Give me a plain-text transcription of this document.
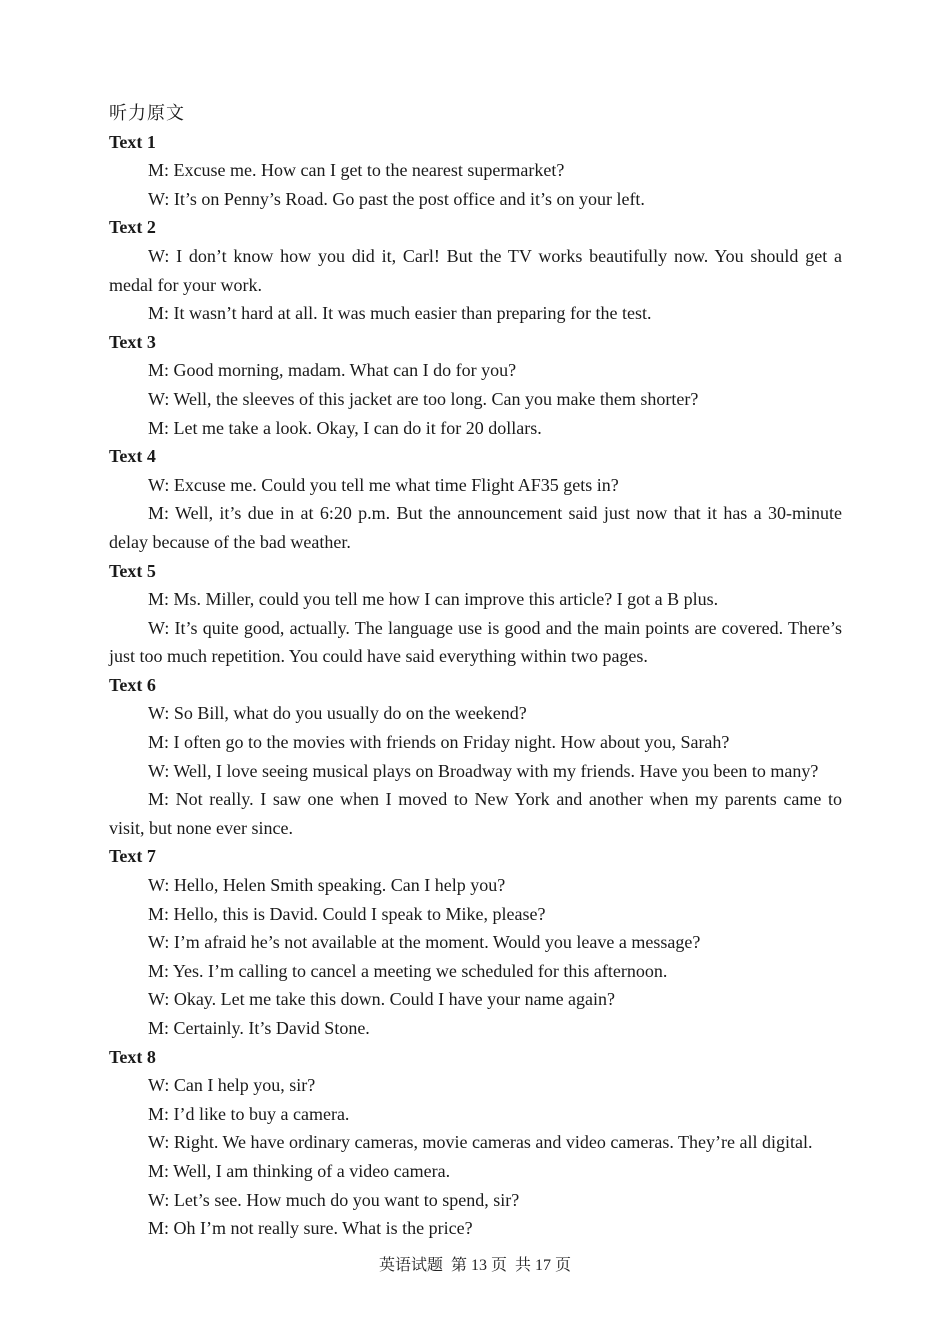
听力原文
Text 1

M: Excuse me. How can I get to the nearest supermarket?

W: It’s on Penny’s Road. Go past the post office and it’s on your left.

Text 2

W: I don’t know how you did it, Carl! But the TV works beautifully now. You should get a medal for your work.

M: It wasn’t hard at all. It was much easier than preparing for the test.

Text 3

M: Good morning, madam. What can I do for you?

W: Well, the sleeves of this jacket are too long. Can you make them shorter?

M: Let me take a look. Okay, I can do it for 20 dollars.

Text 4

W: Excuse me. Could you tell me what time Flight AF35 gets in?

M: Well, it’s due in at 6:20 p.m. But the announcement said just now that it has a 30-minute delay because of the bad weather.

Text 5

M: Ms. Miller, could you tell me how I can improve this article? I got a B plus.

W: It’s quite good, actually. The language use is good and the main points are covered. There’s just too much repetition. You could have said everything within two pages.

Text 6

W: So Bill, what do you usually do on the weekend?

M: I often go to the movies with friends on Friday night. How about you, Sarah?

W: Well, I love seeing musical plays on Broadway with my friends. Have you been to many?

M: Not really. I saw one when I moved to New York and another when my parents came to visit, but none ever since.

Text 7

W: Hello, Helen Smith speaking. Can I help you?

M: Hello, this is David. Could I speak to Mike, please?

W: I’m afraid he’s not available at the moment. Would you leave a message?

M: Yes. I’m calling to cancel a meeting we scheduled for this afternoon.

W: Okay. Let me take this down. Could I have your name again?

M: Certainly. It’s David Stone.

Text 8

W: Can I help you, sir?

M: I’d like to buy a camera.

W: Right. We have ordinary cameras, movie cameras and video cameras. They’re all digital.

M: Well, I am thinking of a video camera.

W: Let’s see. How much do you want to spend, sir?

M: Oh I’m not really sure. What is the price?

英语试题  第 13 页  共 17 页
